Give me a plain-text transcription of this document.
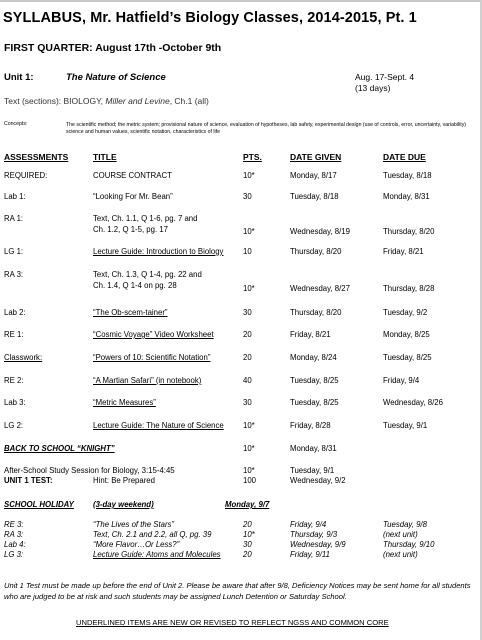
SYLLABUS, Mr. Hatfield’s Biology Classes, 2014-2015, Pt. 1
FIRST QUARTER: August 17th -October 9th
Unit 1:	The Nature of Science	Aug. 17-Sept. 4
(13 days)
Text (sections): BIOLOGY, Miller and Levine, Ch.1 (all)
Concepts:	The scientific method; the metric system; provisional nature of science, evaluation of hypotheses, lab safety, experimental design (use of controls, error, uncertainty, variability) science and human values, scientific notation, characteristics of life
ASSESSMENTS	TITLE	PTS.	DATE GIVEN	DATE DUE
REQUIRED:	COURSE CONTRACT	10*	Monday, 8/17	Tuesday, 8/18
Lab 1:	“Looking For Mr. Bean”	30	Tuesday, 8/18	Monday, 8/31
RA 1:	Text, Ch. 1.1, Q 1-6, pg. 7 and
Ch. 1.2, Q 1-5, pg. 17	10*	Wednesday, 8/19	Thursday, 8/20
LG 1:	Lecture Guide: Introduction to Biology	10	Thursday, 8/20	Friday, 8/21
RA 3:	Text, Ch. 1.3, Q 1-4, pg. 22 and
Ch. 1.4, Q 1-4 on pg. 28	10*	Wednesday, 8/27	Thursday, 8/28
Lab 2:	“The Ob-scem-tainer”	30	Thursday, 8/20	Tuesday, 9/2
RE 1:	“Cosmic Voyage” Video Worksheet	20	Friday, 8/21	Monday, 8/25
Classwork:	“Powers of 10: Scientific Notation”	20	Monday, 8/24	Tuesday, 8/25
RE 2:	“A Martian Safari” (in notebook)	40	Tuesday, 8/25	Friday, 9/4
Lab 3:	“Metric Measures”	30	Tuesday, 8/25	Wednesday, 8/26
LG 2:	Lecture Guide: The Nature of Science 10*	Friday, 8/28	Tuesday, 9/1
BACK TO SCHOOL “KNIGHT”	10*	Monday, 8/31
After-School Study Session for Biology, 3:15-4:45	10*	Tuesday, 9/1
UNIT 1 TEST:	Hint: Be Prepared	100	Wednesday, 9/2
SCHOOL HOLIDAY (3-day weekend)	Monday, 9/7
RE 3:	“The Lives of the Stars”	20	Friday, 9/4	Tuesday, 9/8
RA 3:	Text, Ch. 2.1 and 2.2, all Q, pg. 39	10*	Thursday, 9/3	(next unit)
Lab 4:	“More Flavor…Or Less?”	30	Wednesday, 9/9	Thursday, 9/10
LG 3:	Lecture Guide: Atoms and Molecules	20	Friday, 9/11	(next unit)
Unit 1 Test must be made up before the end of Unit 2. Please be aware that after 9/8, Deficiency Notices may be sent home for all students who are judged to be at risk and such students may be assigned Lunch Detention or Saturday School.
UNDERLINED ITEMS ARE NEW OR REVISED TO REFLECT NGSS AND COMMON CORE
